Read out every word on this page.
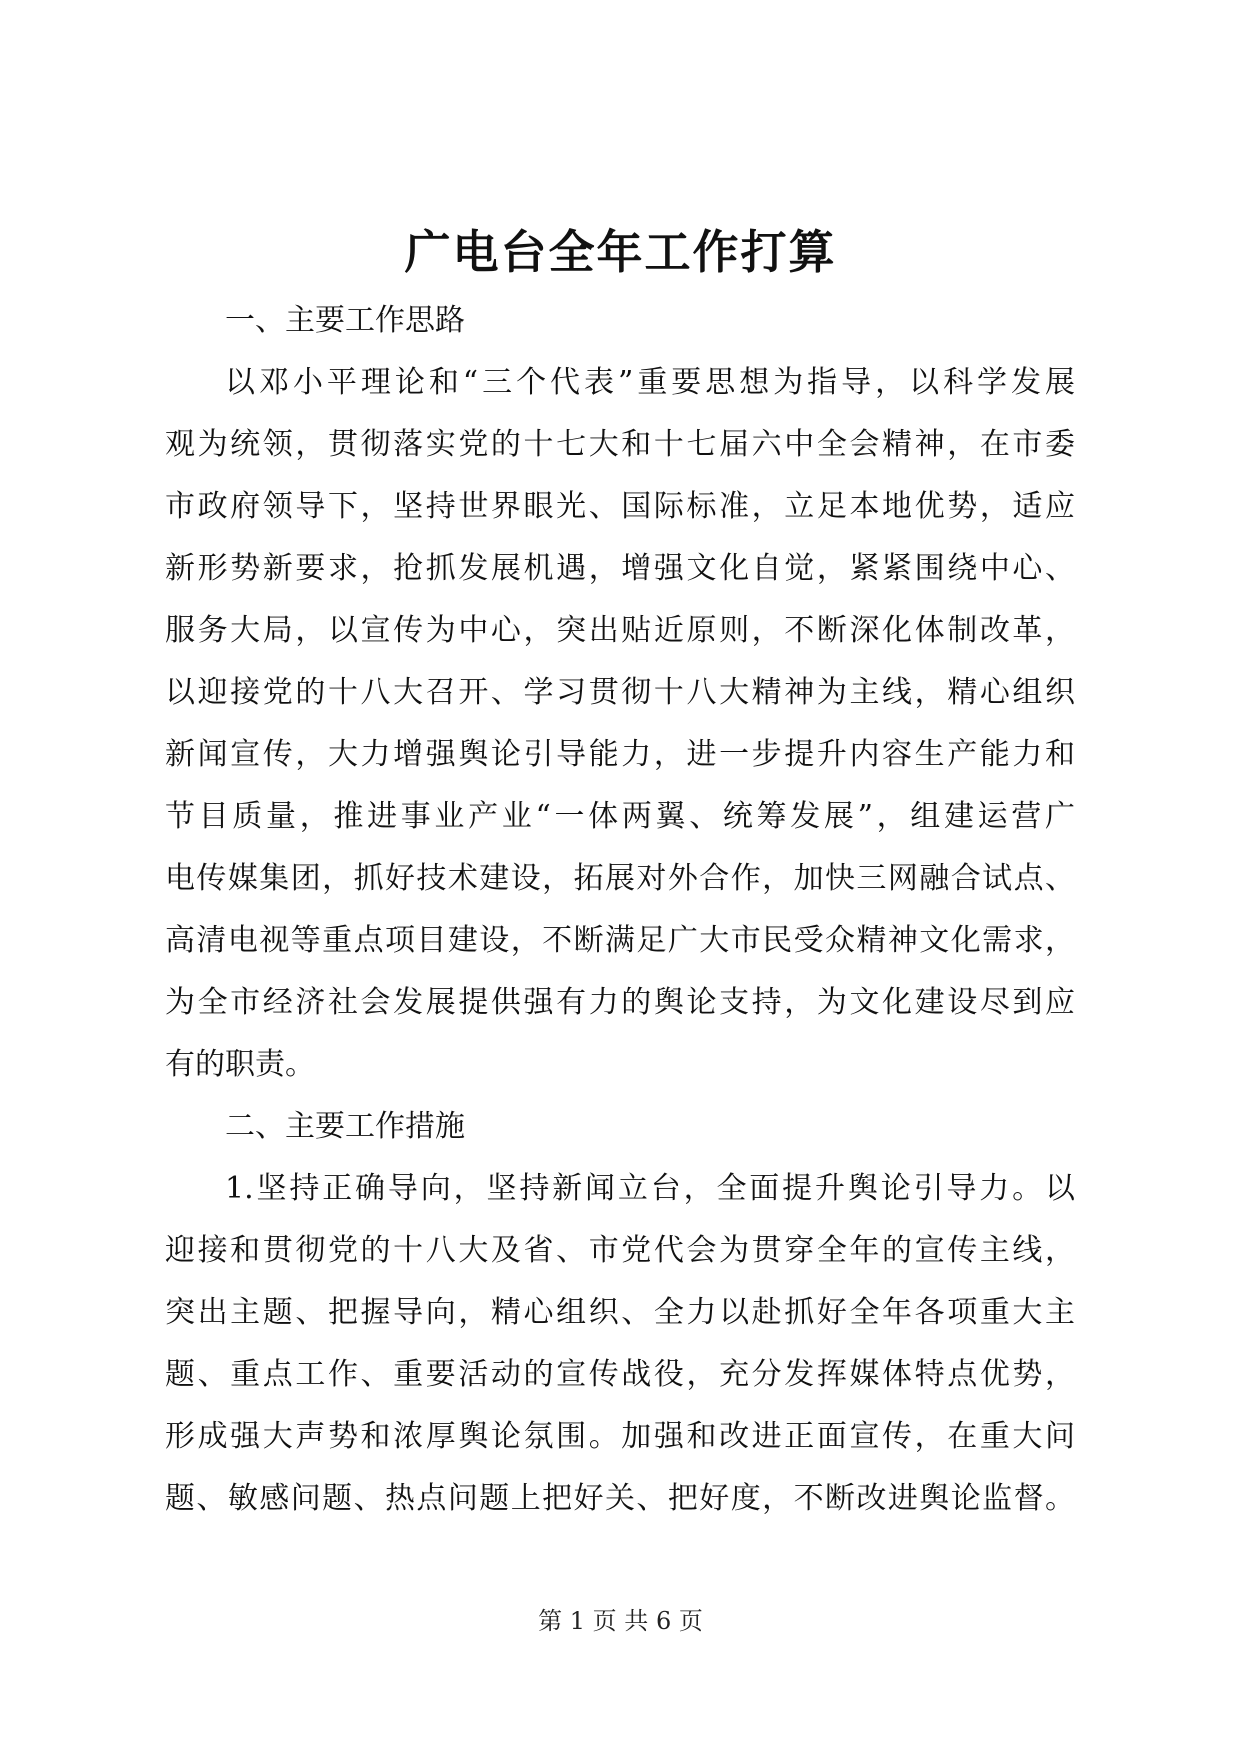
广电台全年工作打算
一、主要工作思路
以邓小平理论和“三个代表”重要思想为指导，以科学发展
观为统领，贯彻落实党的十七大和十七届六中全会精神，在市委
市政府领导下，坚持世界眼光、国际标准，立足本地优势，适应
新形势新要求，抢抓发展机遇，增强文化自觉，紧紧围绕中心、
服务大局，以宣传为中心，突出贴近原则，不断深化体制改革，
以迎接党的十八大召开、学习贯彻十八大精神为主线，精心组织
新闻宣传，大力增强舆论引导能力，进一步提升内容生产能力和
节目质量，推进事业产业“一体两翼、统筹发展”，组建运营广
电传媒集团，抓好技术建设，拓展对外合作，加快三网融合试点、
高清电视等重点项目建设，不断满足广大市民受众精神文化需求，
为全市经济社会发展提供强有力的舆论支持，为文化建设尽到应
有的职责。
二、主要工作措施
1.坚持正确导向，坚持新闻立台，全面提升舆论引导力。以
迎接和贯彻党的十八大及省、市党代会为贯穿全年的宣传主线，
突出主题、把握导向，精心组织、全力以赴抓好全年各项重大主
题、重点工作、重要活动的宣传战役，充分发挥媒体特点优势，
形成强大声势和浓厚舆论氛围。加强和改进正面宣传，在重大问
题、敏感问题、热点问题上把好关、把好度，不断改进舆论监督。
第 1 页 共 6 页
